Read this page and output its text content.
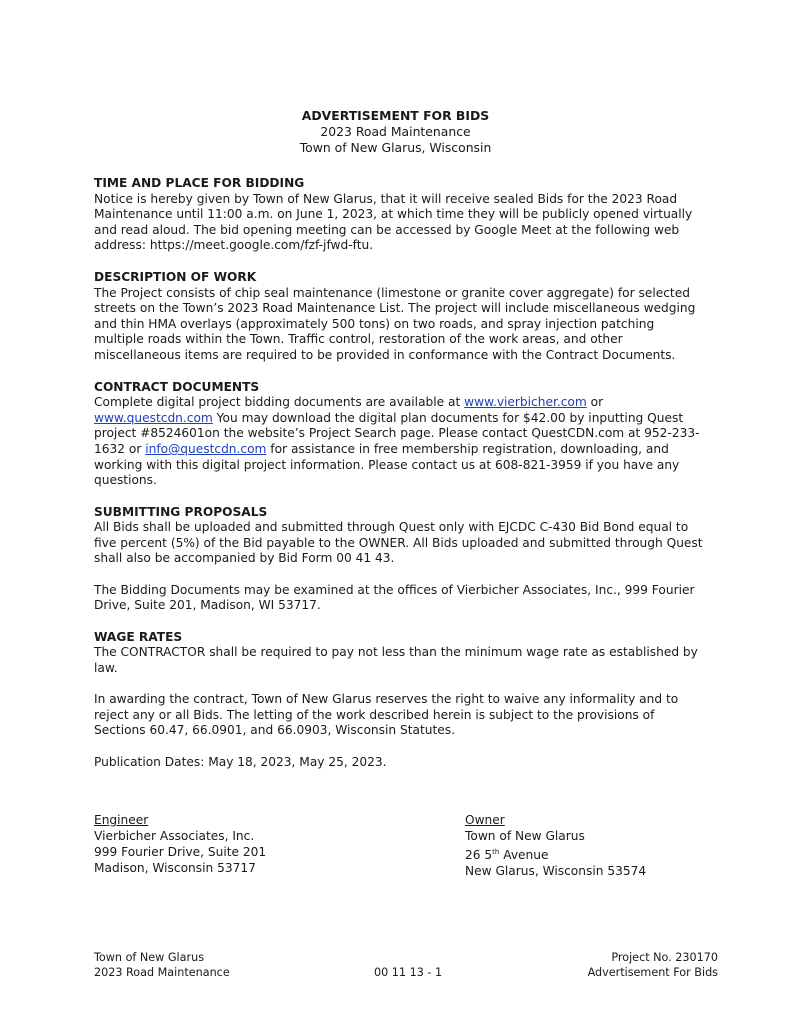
ADVERTISEMENT FOR BIDS
2023 Road Maintenance
Town of New Glarus, Wisconsin
TIME AND PLACE FOR BIDDING

Notice is hereby given by Town of New Glarus, that it will receive sealed Bids for the 2023 Road Maintenance until 11:00 a.m. on June 1, 2023, at which time they will be publicly opened virtually and read aloud. The bid opening meeting can be accessed by Google Meet at the following web address: https://meet.google.com/fzf-jfwd-ftu.

DESCRIPTION OF WORK

The Project consists of chip seal maintenance (limestone or granite cover aggregate) for selected streets on the Town’s 2023 Road Maintenance List. The project will include miscellaneous wedging and thin HMA overlays (approximately 500 tons) on two roads, and spray injection patching multiple roads within the Town. Traffic control, restoration of the work areas, and other miscellaneous items are required to be provided in conformance with the Contract Documents.

CONTRACT DOCUMENTS

Complete digital project bidding documents are available at www.vierbicher.com or www.questcdn.com You may download the digital plan documents for $42.00 by inputting Quest project #8524601on the website’s Project Search page. Please contact QuestCDN.com at 952-233-1632 or info@questcdn.com for assistance in free membership registration, downloading, and working with this digital project information. Please contact us at 608-821-3959 if you have any questions.

SUBMITTING PROPOSALS

All Bids shall be uploaded and submitted through Quest only with EJCDC C-430 Bid Bond equal to five percent (5%) of the Bid payable to the OWNER. All Bids uploaded and submitted through Quest shall also be accompanied by Bid Form 00 41 43.

The Bidding Documents may be examined at the offices of Vierbicher Associates, Inc., 999 Fourier Drive, Suite 201, Madison, WI 53717.

WAGE RATES

The CONTRACTOR shall be required to pay not less than the minimum wage rate as established by law.

In awarding the contract, Town of New Glarus reserves the right to waive any informality and to reject any or all Bids. The letting of the work described herein is subject to the provisions of Sections 60.47, 66.0901, and 66.0903, Wisconsin Statutes.

Publication Dates: May 18, 2023, May 25, 2023.

Engineer
Vierbicher Associates, Inc.
999 Fourier Drive, Suite 201
Madison, Wisconsin 53717
Owner
Town of New Glarus
26 5th Avenue
New Glarus, Wisconsin 53574
Town of New Glarus
2023 Road Maintenance	00 11 13 - 1
Project No. 230170
Advertisement For Bids
